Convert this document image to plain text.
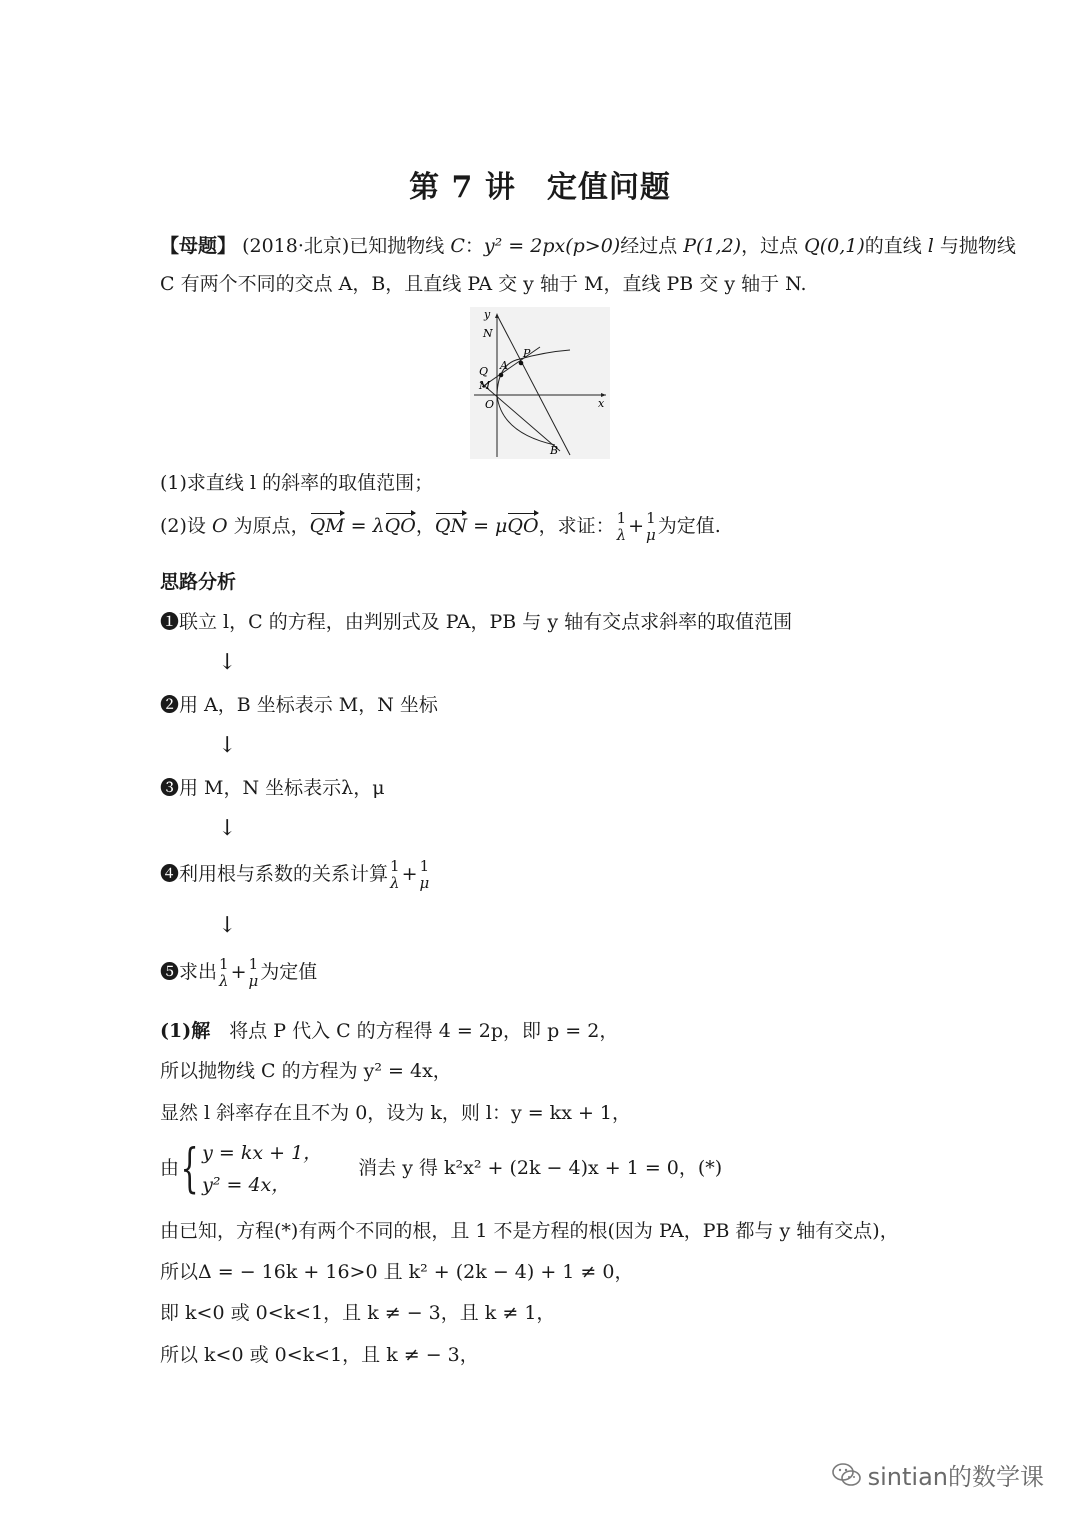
第 7 讲　定值问题
【母题】 (2018·北京)已知抛物线 C：y² = 2px(p>0)经过点 P(1,2)，过点 Q(0,1)的直线 l 与抛物线
C 有两个不同的交点 A，B，且直线 PA 交 y 轴于 M，直线 PB 交 y 轴于 N.
y
x
N
P
A
Q
M
O
B
(1)求直线 l 的斜率的取值范围；
(2)设 O 为原点，QM = λQO，QN = μQO，求证： 1
λ + 1
μ 为定值.
思路分析
❶联立 l，C 的方程，由判别式及 PA，PB 与 y 轴有交点求斜率的取值范围
↓
❷用 A，B 坐标表示 M，N 坐标
↓
❸用 M，N 坐标表示λ，μ
↓
❹利用根与系数的关系计算 1
λ + 1
μ
↓
❺求出 1
λ + 1
μ 为定值
(1)解　将点 P 代入 C 的方程得 4 = 2p，即 p = 2，
所以抛物线 C 的方程为 y² = 4x，
显然 l 斜率存在且不为 0，设为 k，则 l：y = kx + 1，
由{ y = kx + 1，
y² = 4x，
消去 y 得 k²x² + (2k − 4)x + 1 = 0，(*)
由已知，方程(*)有两个不同的根，且 1 不是方程的根(因为 PA，PB 都与 y 轴有交点)，
所以Δ = − 16k + 16>0 且 k² + (2k − 4) + 1 ≠ 0，
即 k<0 或 0<k<1，且 k ≠ − 3，且 k ≠ 1，
所以 k<0 或 0<k<1，且 k ≠ − 3，
sintian的数学课
